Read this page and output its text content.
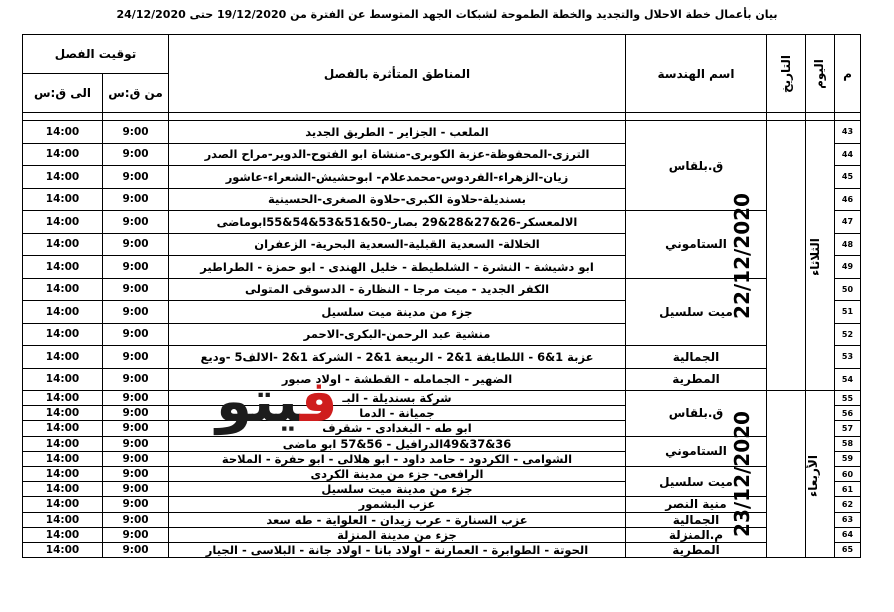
بيان بأعمال خطة الاحلال والتجديد والخطة الطموحة لشبكات الجهد المتوسط عن الفترة من 19/12/2020 حتى 24/12/2020
م	اليوم	التاريخ	اسم الهندسة	المناطق المتأثرة بالفصل	توقيت الفصل	
					من ق:س	الى ق:س

43	الثلاثاء	22/12/2020	ق.بلقاس	الملعب - الجزاير - الطريق الجديد	9:00	14:00
44				الترزى-المحفوظة-عزبة الكوبرى-منشاة ابو الفتوح-الدوير-مراح الصدر	9:00	14:00
45				زيان-الزهراء-الفردوس-محمدعلام- ابوحشيش-الشعراء-عاشور	9:00	14:00
46				بسنديلة-حلاوة الكبرى-حلاوة الصغرى-الحسينية	9:00	14:00
47			الستاموني	الالمعسكر-26&27&28&29 بصار-50&51&53&54&55ابوماضى	9:00	14:00
48				الخلالة- السعدية القبلية-السعدية البحرية- الزعفران	9:00	14:00
49				ابو دشيشة - النشرة - الشلطيطة - خليل الهندى - ابو حمزة - الطراطير	9:00	14:00
50			ميت سلسيل	الكفر الجديد - ميت مرجا - النظارة - الدسوقى المتولى	9:00	14:00
51				جزء من مدينة ميت سلسيل	9:00	14:00
52				منشية عبد الرحمن-البكرى-الاحمر	9:00	14:00
53			الجمالية	عزبة 1&6 - اللطايفة 1&2 - الربيعة 1&2 - الشركة 1&2 -الالف5 -وديع	9:00	14:00
54			المطرية	الضهير - الجمامله - القطشة - اولاد صبور	9:00	14:00
55	الأربعاء	23/12/2020	ق.بلقاس	شركة بسنديلة - البـ	9:00	14:00
56				جميانة - الدما	9:00	14:00
57				ابو طه - البغدادى - شقرف	9:00	14:00
58			الستاموني	36&37&49الدرافيل - 56&57 ابو ماضى	9:00	14:00
59				الشوامى - الكردود - حامد داود - ابو هلالى - ابو حفرة - الملاحة	9:00	14:00
60			ميت سلسيل	الرافعى- جزء من مدينة الكردى	9:00	14:00
61				جزء من مدينة ميت سلسيل	9:00	14:00
62			منية النصر	عزب البشمور	9:00	14:00
63			الجمالية	عزب السنارة - عرب زيدان - العلواية - طه سعد	9:00	14:00
64			م.المنزلة	جزء من مدينة المنزلة	9:00	14:00
65			المطرية	الحوتة - الطوابرة - العمارنة - اولاد بانا - اولاد جانة - البلاسى - الجيار	9:00	14:00
فيتو
